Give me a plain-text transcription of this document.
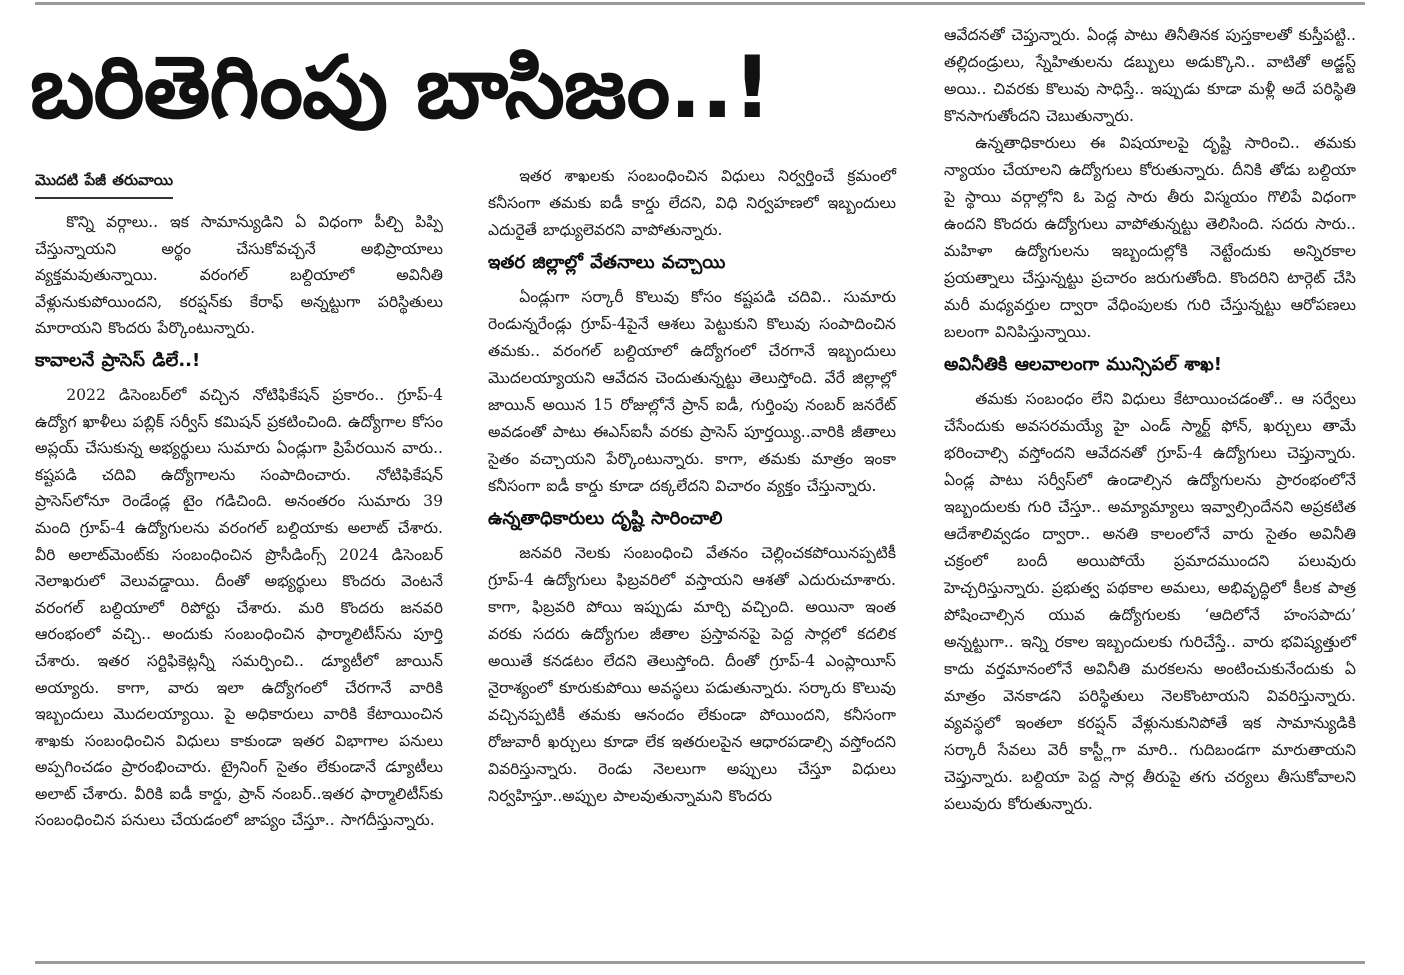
బరితెగింపు బాసిజం..!
మొదటి పేజీ తరువాయి

కొన్ని వర్గాలు.. ఇక సామాన్యుడిని ఏ విధంగా పీల్చి పిప్పి చేస్తున్నాయని అర్థం చేసుకోవచ్చనే అభిప్రాయాలు వ్యక్తమవుతున్నాయి. వరంగల్ బల్దియాలో అవినీతి వేళ్లునుకుపోయిందని, కరప్షన్‌కు కేరాఫ్ అన్నట్టుగా పరిస్థితులు మారాయని కొందరు పేర్కొంటున్నారు.

కావాలనే ప్రాసెస్ డిలే..!

2022 డిసెంబర్‌లో వచ్చిన నోటిఫికేషన్ ప్రకారం.. గ్రూప్-4 ఉద్యోగ ఖాళీలు పబ్లిక్ సర్వీస్ కమిషన్ ప్రకటించింది. ఉద్యోగాల కోసం అప్లయ్ చేసుకున్న అభ్యర్థులు సుమారు ఏండ్లుగా ప్రిపేరయిన వారు.. కష్టపడి చదివి ఉద్యోగాలను సంపాదించారు. నోటిఫికేషన్ ప్రాసెస్‌లోనూ రెండేండ్ల టైం గడిచింది. అనంతరం సుమారు 39 మంది గ్రూప్-4 ఉద్యోగులను వరంగల్ బల్దియాకు అలాట్ చేశారు. వీరి అలాట్‌మెంట్‌కు సంబంధించిన ప్రొసీడింగ్స్ 2024 డిసెంబర్ నెలాఖరులో వెలువడ్డాయి. దీంతో అభ్యర్థులు కొందరు వెంటనే వరంగల్ బల్దియాలో రిపోర్టు చేశారు. మరి కొందరు జనవరి ఆరంభంలో వచ్చి.. అందుకు సంబంధించిన ఫార్మాలిటీస్‌ను పూర్తి చేశారు. ఇతర సర్టిఫికెట్లన్నీ సమర్పించి.. డ్యూటీలో జాయిన్ అయ్యారు. కాగా, వారు ఇలా ఉద్యోగంలో చేరగానే వారికి ఇబ్బందులు మొదలయ్యాయి. పై అధికారులు వారికి కేటాయించిన శాఖకు సంబంధించిన విధులు కాకుండా ఇతర విభాగాల పనులు అప్పగించడం ప్రారంభించారు. ట్రైనింగ్ సైతం లేకుండానే డ్యూటీలు అలాట్ చేశారు. వీరికి ఐడీ కార్డు, ప్రాన్ నంబర్..ఇతర ఫార్మాలిటీస్‌కు సంబంధించిన పనులు చేయడంలో జాప్యం చేస్తూ.. సాగదీస్తున్నారు.

ఇతర శాఖలకు సంబంధించిన విధులు నిర్వర్తించే క్రమంలో కనీసంగా తమకు ఐడీ కార్డు లేదని, విధి నిర్వహణలో ఇబ్బందులు ఎదురైతే బాధ్యులెవరని వాపోతున్నారు.

ఇతర జిల్లాల్లో వేతనాలు వచ్చాయి

ఏండ్లుగా సర్కారీ కొలువు కోసం కష్టపడి చదివి.. సుమారు రెండున్నరేండ్లు గ్రూప్-4పైనే ఆశలు పెట్టుకుని కొలువు సంపాదించిన తమకు.. వరంగల్ బల్దియాలో ఉద్యోగంలో చేరగానే ఇబ్బందులు మొదలయ్యాయని ఆవేదన చెందుతున్నట్టు తెలుస్తోంది. వేరే జిల్లాల్లో జాయిన్ అయిన 15 రోజుల్లోనే ప్రాన్ ఐడీ, గుర్తింపు నంబర్ జనరేట్ అవడంతో పాటు ఈఎస్ఐసీ వరకు ప్రాసెస్ పూర్తయ్యి..వారికి జీతాలు సైతం వచ్చాయని పేర్కొంటున్నారు. కాగా, తమకు మాత్రం ఇంకా కనీసంగా ఐడీ కార్డు కూడా దక్కలేదని విచారం వ్యక్తం చేస్తున్నారు.

ఉన్నతాధికారులు దృష్టి సారించాలి

జనవరి నెలకు సంబంధించి వేతనం చెల్లించకపోయినప్పటికీ గ్రూప్-4 ఉద్యోగులు ఫిబ్రవరిలో వస్తాయని ఆశతో ఎదురుచూశారు. కాగా, ఫిబ్రవరి పోయి ఇప్పుడు మార్చి వచ్చింది. అయినా ఇంత వరకు సదరు ఉద్యోగుల జీతాల ప్రస్తావనపై పెద్ద సార్లలో కదలిక అయితే కనడటం లేదని తెలుస్తోంది. దీంతో గ్రూప్-4 ఎంప్లాయీస్ నైరాశ్యంలో కూరుకుపోయి అవస్థలు పడుతున్నారు. సర్కారు కొలువు వచ్చినప్పటికీ తమకు ఆనందం లేకుండా పోయిందని, కనీసంగా రోజువారీ ఖర్చులు కూడా లేక ఇతరులపైన ఆధారపడాల్సి వస్తోందని వివరిస్తున్నారు. రెండు నెలలుగా అప్పులు చేస్తూ విధులు నిర్వహిస్తూ..అప్పుల పాలవుతున్నామని కొందరు

ఆవేదనతో చెప్తున్నారు. ఏండ్ల పాటు తినీతినక పుస్తకాలతో కుస్తీపట్టి.. తల్లిదండ్రులు, స్నేహితులను డబ్బులు అడుక్కొని.. వాటితో అడ్జస్ట్ అయి.. చివరకు కొలువు సాధిస్తే.. ఇప్పుడు కూడా మళ్లీ అదే పరిస్థితి కొనసాగుతోందని చెబుతున్నారు.

ఉన్నతాధికారులు ఈ విషయాలపై దృష్టి సారించి.. తమకు న్యాయం చేయాలని ఉద్యోగులు కోరుతున్నారు. దీనికి తోడు బల్దియా పై స్థాయి వర్గాల్లోని ఓ పెద్ద సారు తీరు విస్మయం గొలిపే విధంగా ఉందని కొందరు ఉద్యోగులు వాపోతున్నట్టు తెలిసింది. సదరు సారు.. మహిళా ఉద్యోగులను ఇబ్బందుల్లోకి నెట్టేందుకు అన్నిరకాల ప్రయత్నాలు చేస్తున్నట్టు ప్రచారం జరుగుతోంది. కొందరిని టార్గెట్ చేసి మరీ మధ్యవర్తుల ద్వారా వేధింపులకు గురి చేస్తున్నట్టు ఆరోపణలు బలంగా వినిపిస్తున్నాయి.

అవినీతికి ఆలవాలంగా మున్సిపల్ శాఖ!

తమకు సంబంధం లేని విధులు కేటాయించడంతో.. ఆ సర్వేలు చేసేందుకు అవసరమయ్యే హై ఎండ్ స్మార్ట్ ఫోన్, ఖర్చులు తామే భరించాల్సి వస్తోందని ఆవేదనతో గ్రూప్-4 ఉద్యోగులు చెప్తున్నారు. ఏండ్ల పాటు సర్వీస్‌లో ఉండాల్సిన ఉద్యోగులను ప్రారంభంలోనే ఇబ్బందులకు గురి చేస్తూ.. అమ్యామ్యాలు ఇవ్వాల్సిందేనని అప్రకటిత ఆదేశాలివ్వడం ద్వారా.. అనతి కాలంలోనే వారు సైతం అవినీతి చక్రంలో బందీ అయిపోయే ప్రమాదముందని పలువురు హెచ్చరిస్తున్నారు. ప్రభుత్వ పథకాల అమలు, అభివృద్ధిలో కీలక పాత్ర పోషించాల్సిన యువ ఉద్యోగులకు ‘ఆదిలోనే హంసపాదు’ అన్నట్టుగా.. ఇన్ని రకాల ఇబ్బందులకు గురిచేస్తే.. వారు భవిష్యత్తులో కాదు వర్తమానంలోనే అవినీతి మరకలను అంటించుకునేందుకు ఏ మాత్రం వెనకాడని పరిస్థితులు నెలకొంటాయని వివరిస్తున్నారు. వ్యవస్థలో ఇంతలా కరప్షన్ వేళ్లునుకునిపోతే ఇక సామాన్యుడికి సర్కారీ సేవలు వెరీ కాస్ట్లీగా మారి.. గుదిబండగా మారుతాయని చెప్తున్నారు. బల్దియా పెద్ద సార్ల తీరుపై తగు చర్యలు తీసుకోవాలని పలువురు కోరుతున్నారు.
